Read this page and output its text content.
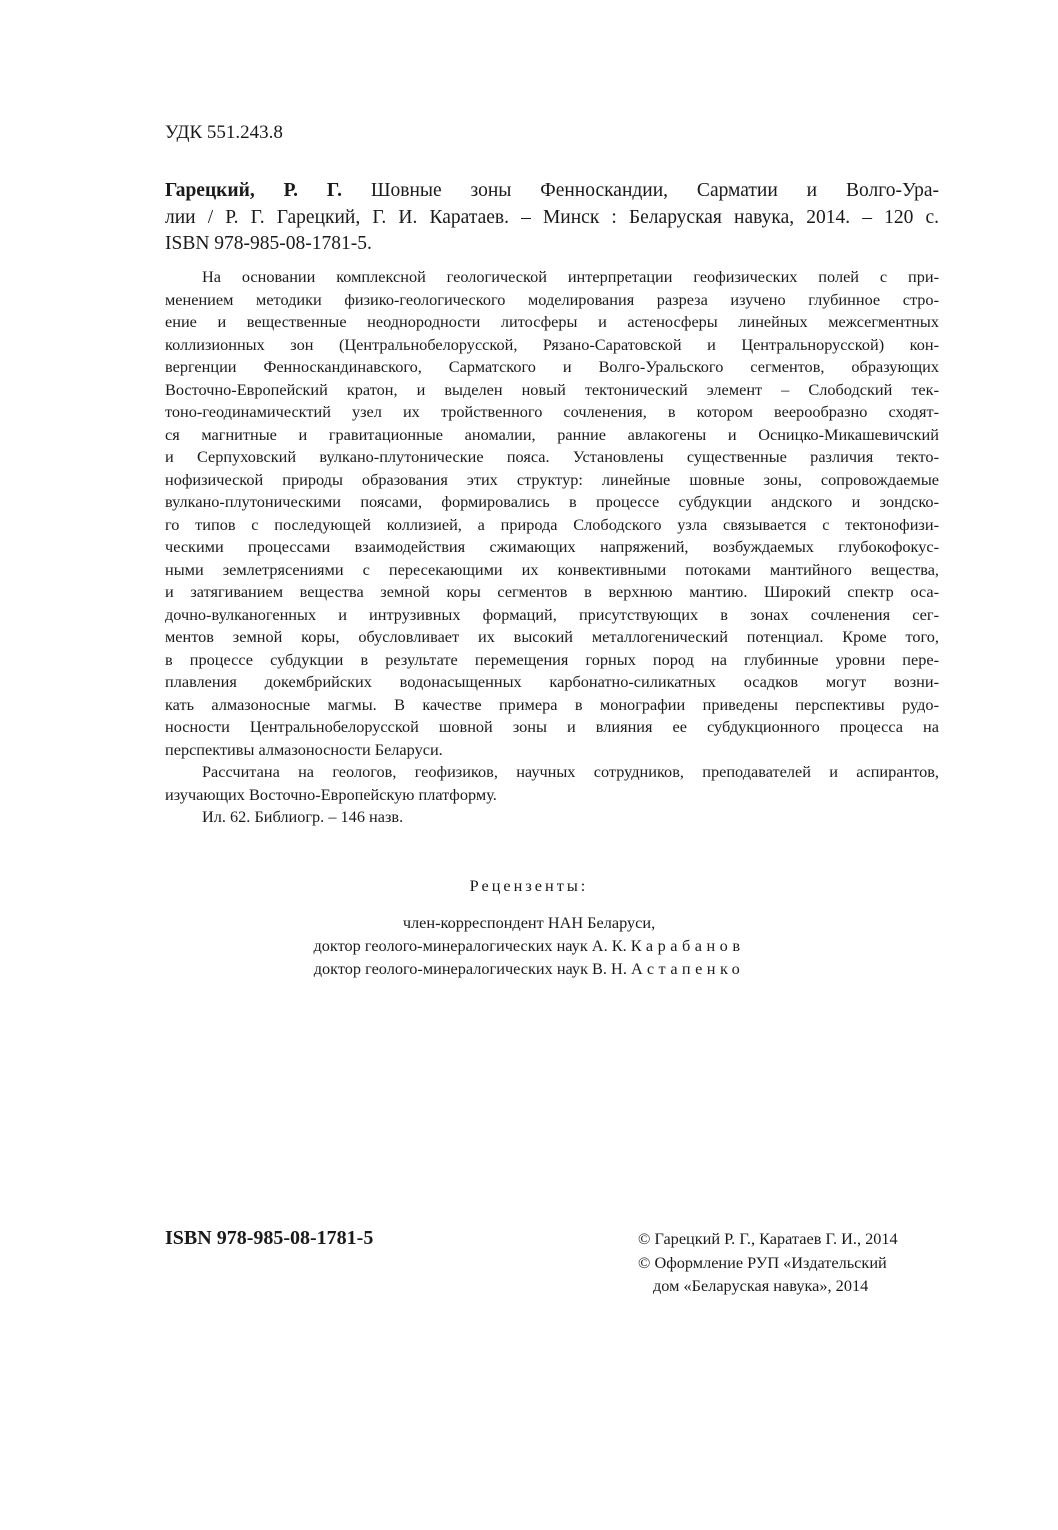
УДК 551.243.8
Гарецкий, Р. Г. Шовные зоны Фенноскандии, Сарматии и Волго-Ура-
лии / Р. Г. Гарецкий, Г. И. Каратаев. – Минск : Беларуская навука, 2014. – 120 с.
ISBN 978-985-08-1781-5.
На основании комплексной геологической интерпретации геофизических полей с при-
менением методики физико-геологического моделирования разреза изучено глубинное стро-
ение и вещественные неоднородности литосферы и астеносферы линейных межсегментных
коллизионных зон (Центральнобелорусской, Рязано-Саратовской и Центральнорусской) кон-
вергенции Фенноскандинавского, Сарматского и Волго-Уральского сегментов, образующих
Восточно-Европейский кратон, и выделен новый тектонический элемент – Слободский тек-
тоно-геодинамическтий узел их тройственного сочленения, в котором веерообразно сходят-
ся магнитные и гравитационные аномалии, ранние авлакогены и Осницко-Микашевичский
и Серпуховский вулкано-плутонические пояса. Установлены существенные различия текто-
нофизической природы образования этих структур: линейные шовные зоны, сопровождаемые
вулкано-плутоническими поясами, формировались в процессе субдукции андского и зондско-
го типов с последующей коллизией, а природа Слободского узла связывается с тектонофизи-
ческими процессами взаимодействия сжимающих напряжений, возбуждаемых глубокофокус-
ными землетрясениями с пересекающими их конвективными потоками мантийного вещества,
и затягиванием вещества земной коры сегментов в верхнюю мантию. Широкий спектр оса-
дочно-вулканогенных и интрузивных формаций, присутствующих в зонах сочленения сег-
ментов земной коры, обусловливает их высокий металлогенический потенциал. Кроме того,
в процессе субдукции в результате перемещения горных пород на глубинные уровни пере-
плавления докембрийских водонасыщенных карбонатно-силикатных осадков могут возни-
кать алмазоносные магмы. В качестве примера в монографии приведены перспективы рудо-
носности Центральнобелорусской шовной зоны и влияния ее субдукционного процесса на
перспективы алмазоносности Беларуси.
Рассчитана на геологов, геофизиков, научных сотрудников, преподавателей и аспирантов,
изучающих Восточно-Европейскую платформу.
Ил. 62. Библиогр. – 146 назв.
Рецензенты:
член-корреспондент НАН Беларуси,
доктор геолого-минералогических наук А. К. Карабанов
доктор геолого-минералогических наук В. Н. Астапенко
ISBN 978-985-08-1781-5	© Гарецкий Р. Г., Каратаев Г. И., 2014
© Оформление РУП «Издательский
дом «Беларуская навука», 2014
